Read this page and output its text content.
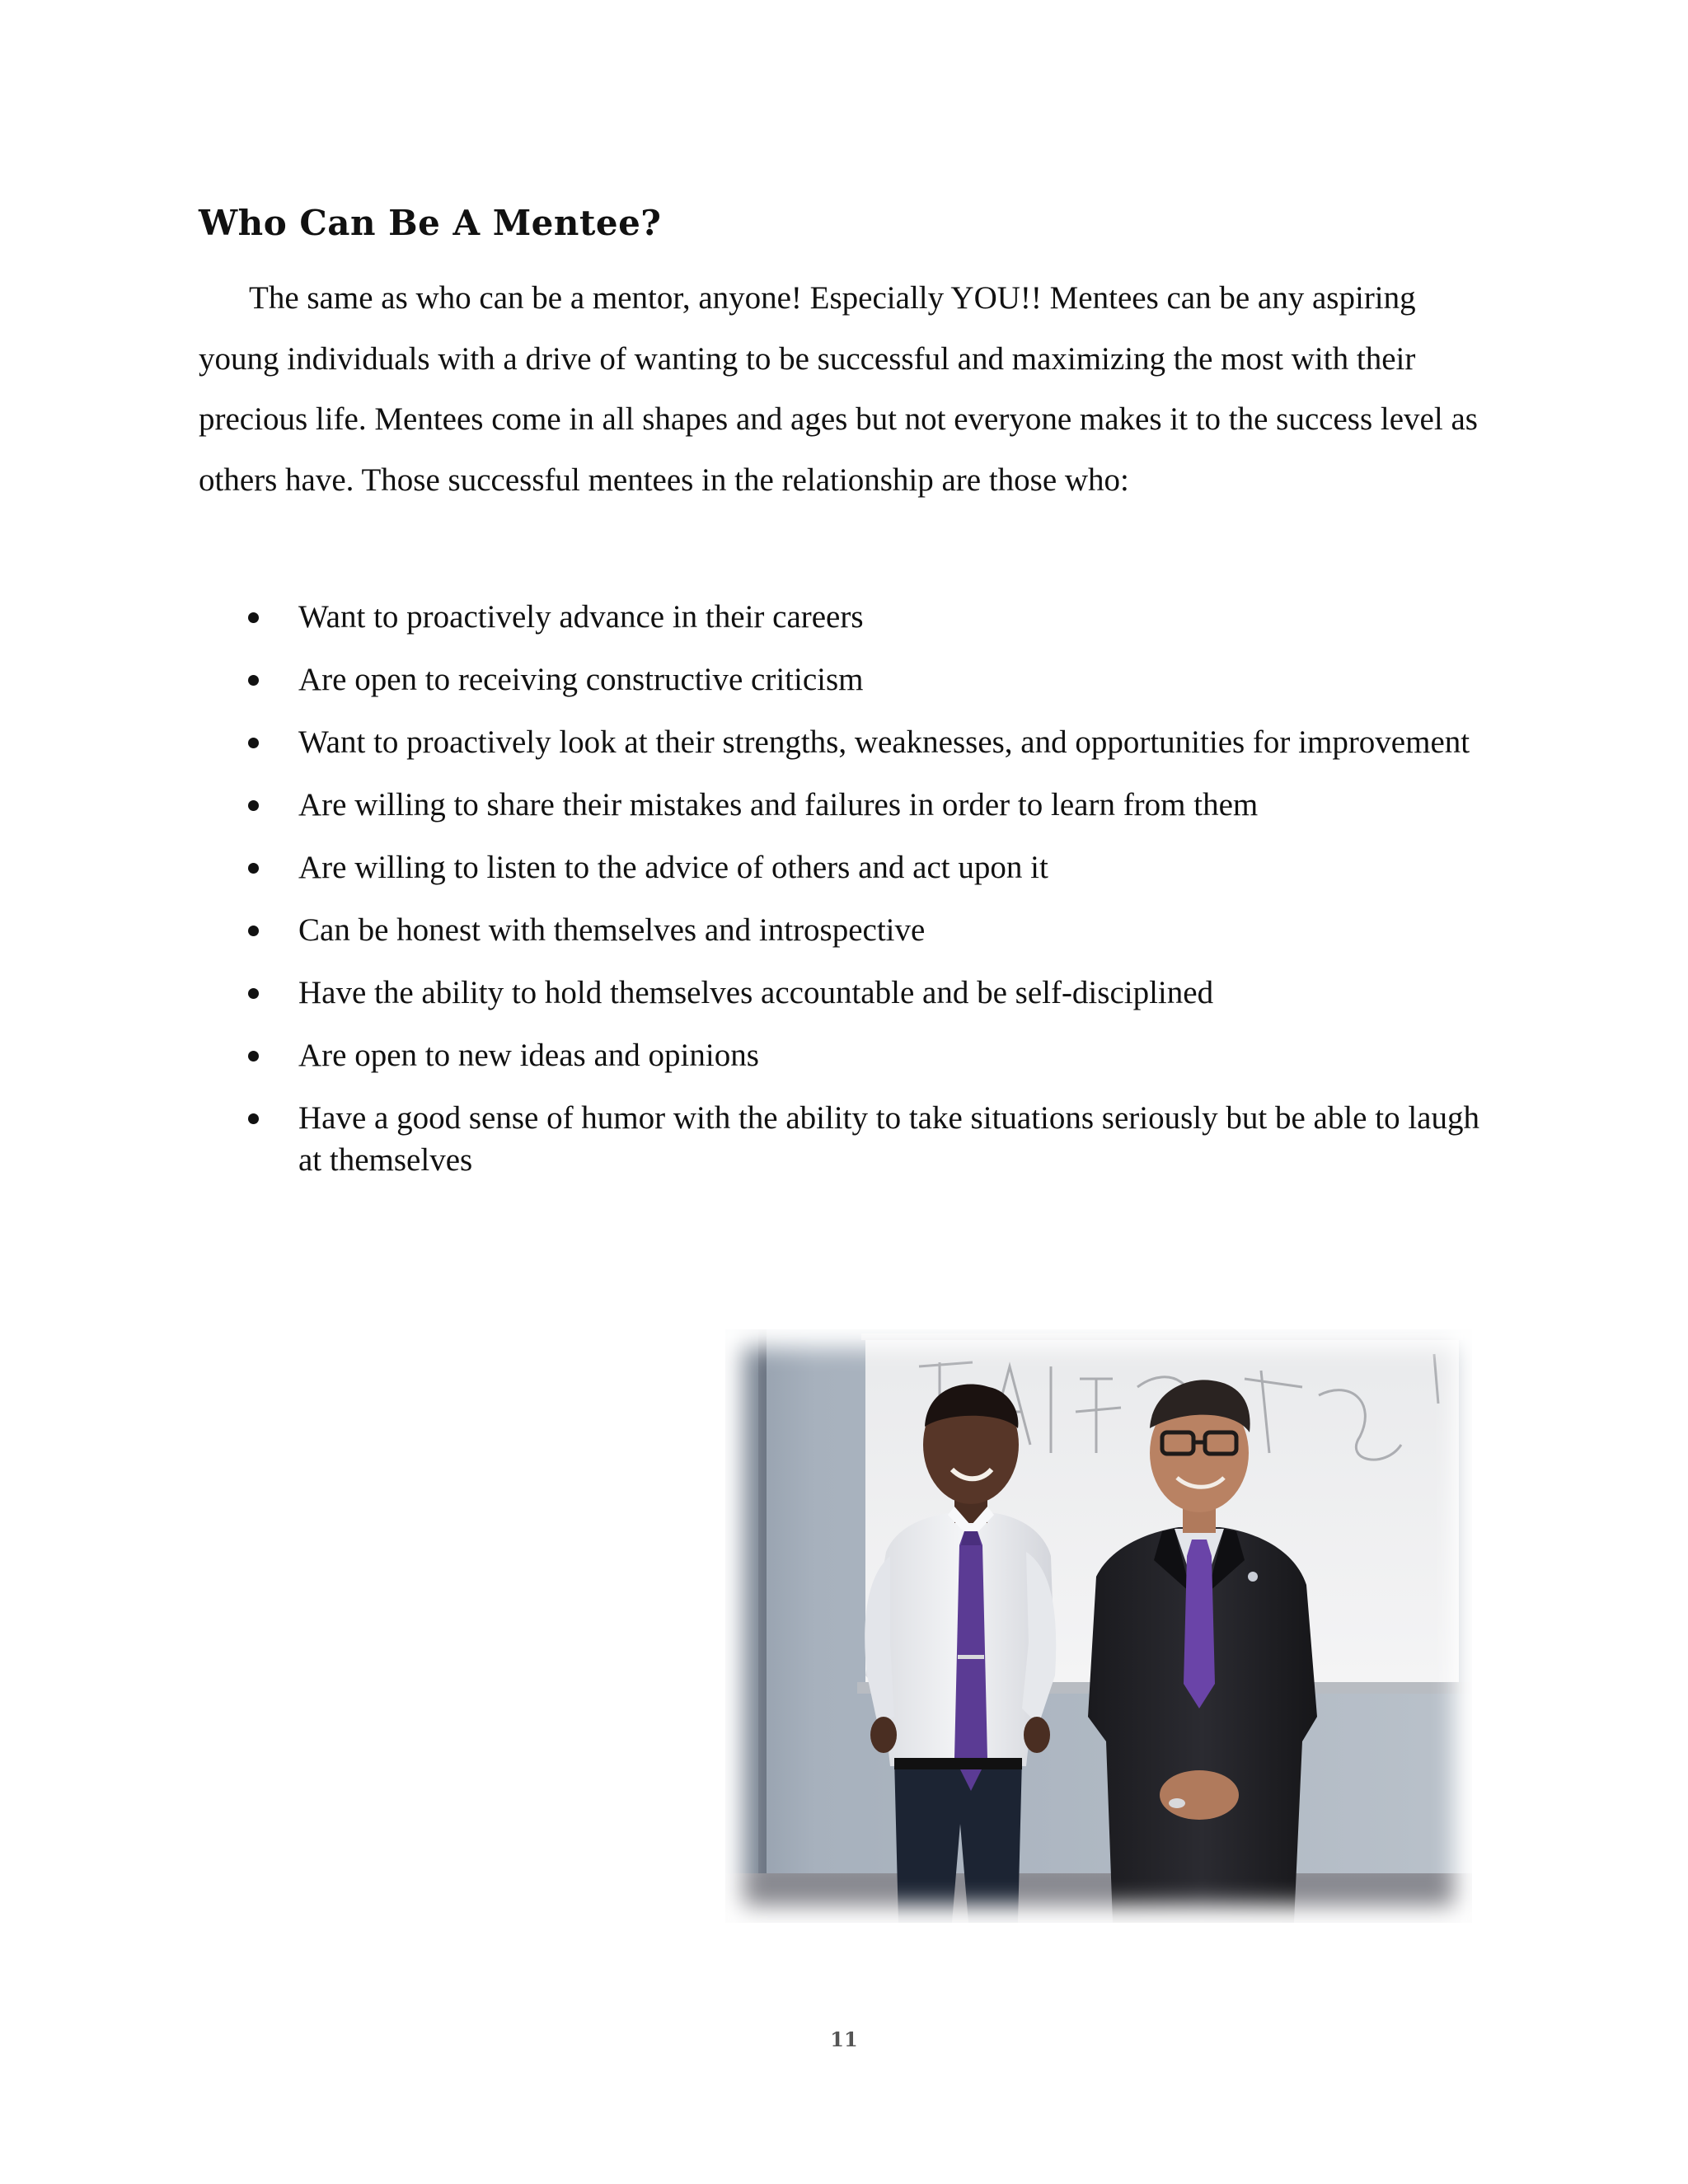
Who Can Be A Mentee?

The same as who can be a mentor, anyone! Especially YOU!! Mentees can be any aspiring young individuals with a drive of wanting to be successful and maximizing the most with their precious life. Mentees come in all shapes and ages but not everyone makes it to the success level as others have. Those successful mentees in the relationship are those who:

Want to proactively advance in their careers
Are open to receiving constructive criticism
Want to proactively look at their strengths, weaknesses, and opportunities for improvement
Are willing to share their mistakes and failures in order to learn from them
Are willing to listen to the advice of others and act upon it
Can be honest with themselves and introspective
Have the ability to hold themselves accountable and be self-disciplined
Are open to new ideas and opinions
Have a good sense of humor with the ability to take situations seriously but be able to laugh at themselves
11
